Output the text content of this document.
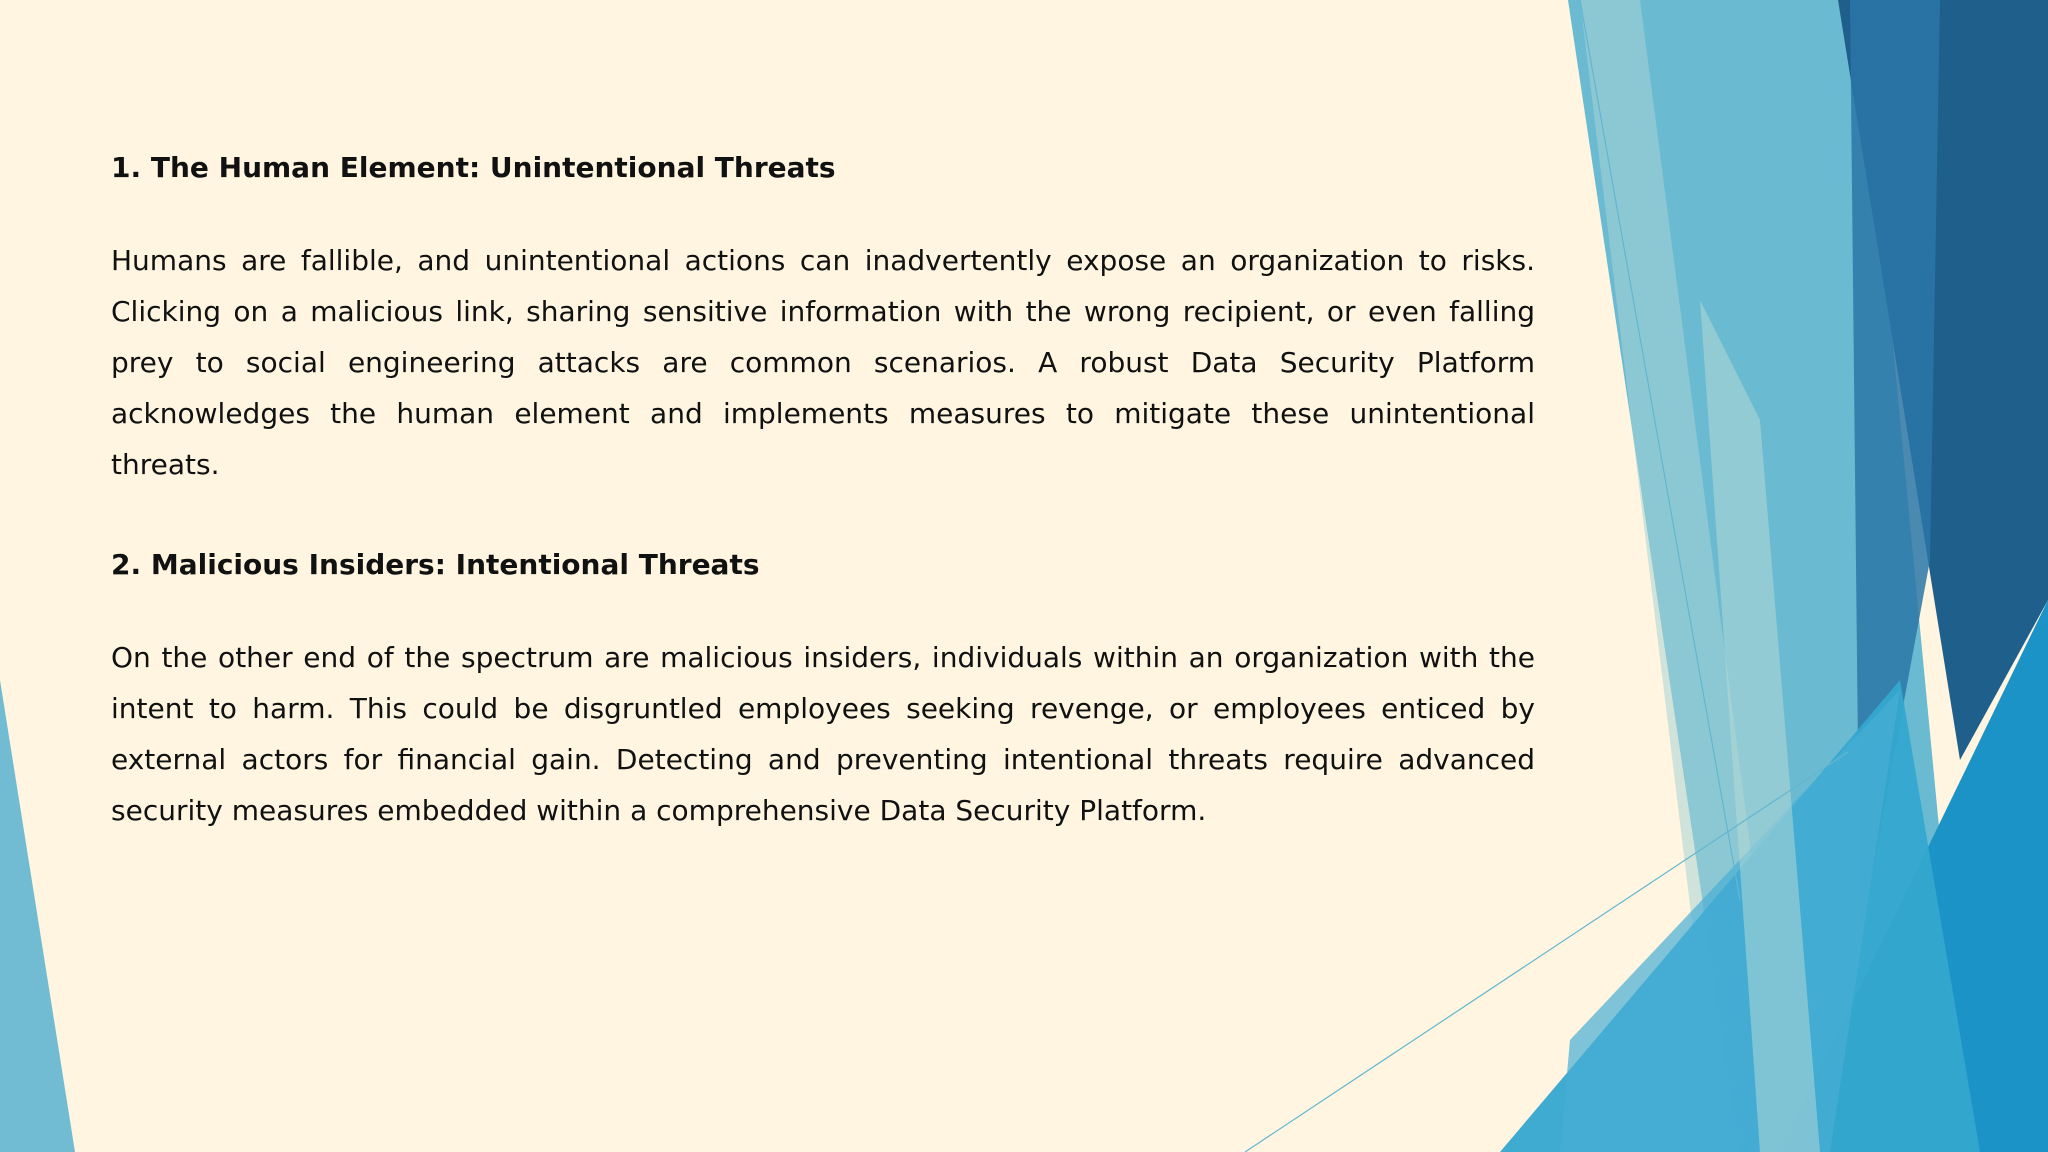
1. The Human Element: Unintentional Threats

Humans are fallible, and unintentional actions can inadvertently expose an organization to risks. Clicking on a malicious link, sharing sensitive information with the wrong recipient, or even falling prey to social engineering attacks are common scenarios. A robust Data Security Platform acknowledges the human element and implements measures to mitigate these unintentional threats.

2. Malicious Insiders: Intentional Threats

On the other end of the spectrum are malicious insiders, individuals within an organization with the intent to harm. This could be disgruntled employees seeking revenge, or employees enticed by external actors for financial gain. Detecting and preventing intentional threats require advanced security measures embedded within a comprehensive Data Security Platform.
